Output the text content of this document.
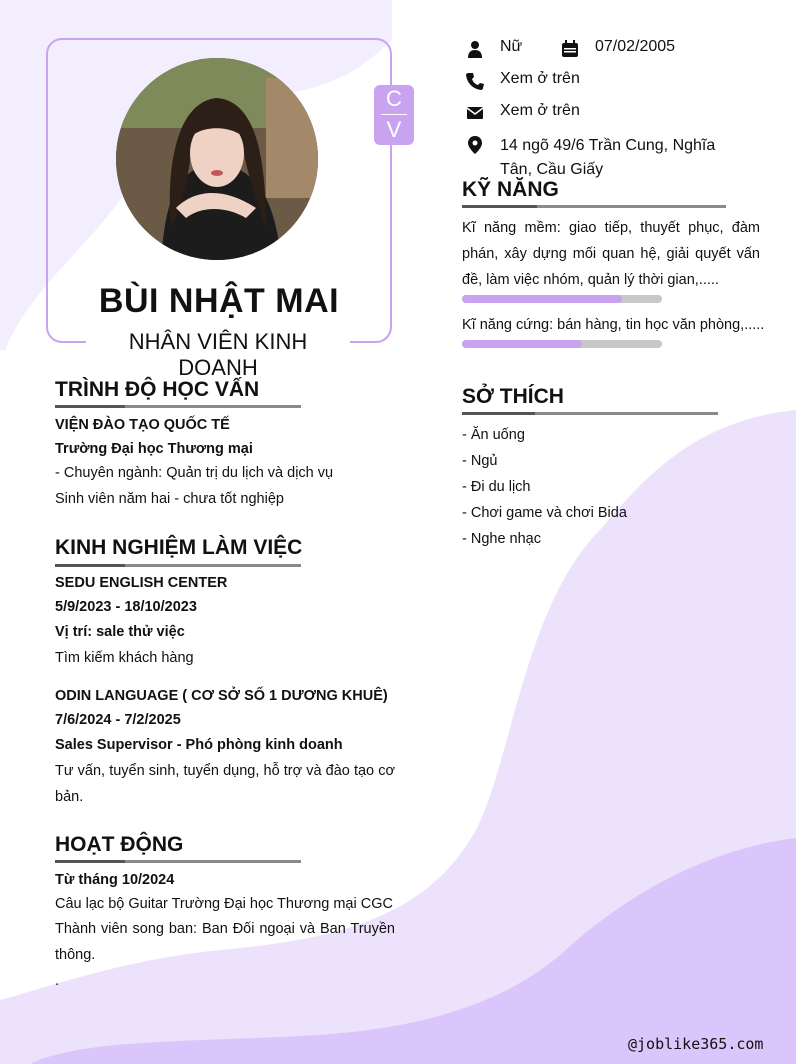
C
V
BÙI NHẬT MAI
NHÂN VIÊN KINH DOANH
Nữ	07/02/2005
Xem ở trên
Xem ở trên
14 ngõ 49/6 Trần Cung, Nghĩa
Tân, Cầu Giấy
KỸ NĂNG
Kĩ năng mềm: giao tiếp, thuyết phục, đàm phán, xây dựng mối quan hệ, giải quyết vấn đề, làm việc nhóm, quản lý thời gian,.....
Kĩ năng cứng: bán hàng, tin học văn phòng,.....
SỞ THÍCH
- Ăn uống
- Ngủ
- Đi du lịch
- Chơi game và chơi Bida
- Nghe nhạc
TRÌNH ĐỘ HỌC VẤN
VIỆN ĐÀO TẠO QUỐC TẾ
Trường Đại học Thương mại
- Chuyên ngành: Quản trị du lịch và dịch vụ
Sinh viên năm hai - chưa tốt nghiệp
KINH NGHIỆM LÀM VIỆC
SEDU ENGLISH CENTER
5/9/2023 - 18/10/2023
Vị trí: sale thử việc
Tìm kiếm khách hàng
ODIN LANGUAGE ( CƠ SỞ SỐ 1 DƯƠNG KHUÊ)
7/6/2024 - 7/2/2025
Sales Supervisor - Phó phòng kinh doanh
Tư vấn, tuyển sinh, tuyển dụng, hỗ trợ và đào tạo cơ bản.
HOẠT ĐỘNG
Từ tháng 10/2024
Câu lạc bộ Guitar Trường Đại học Thương mại CGC
Thành viên song ban: Ban Đối ngoại và Ban Truyền thông.
.
@joblike365.com
